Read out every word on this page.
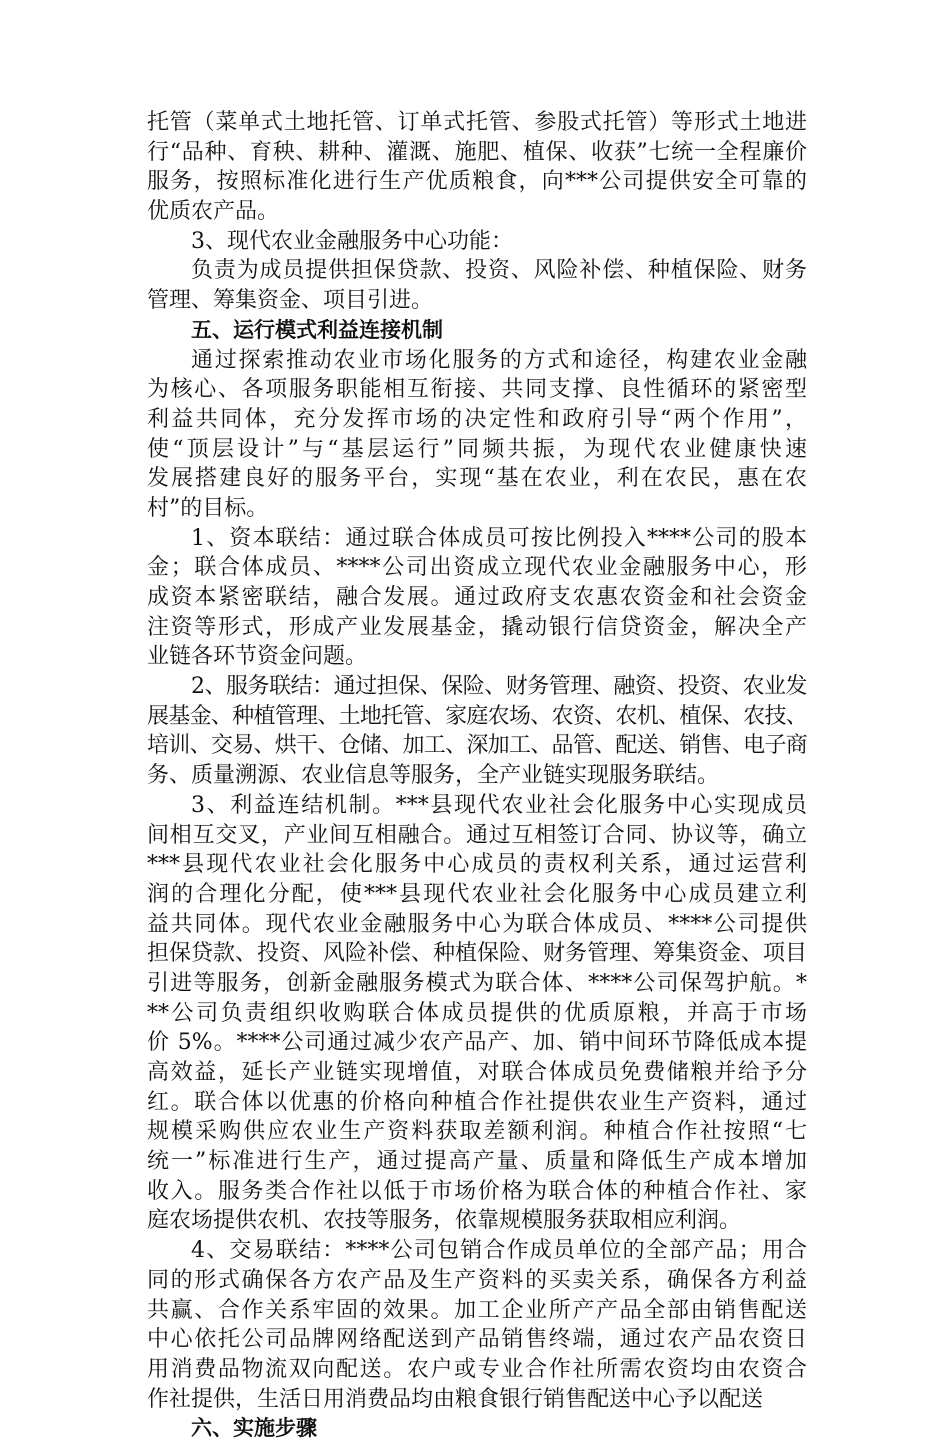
托管（菜单式土地托管、订单式托管、参股式托管）等形式土地进
行“品种、育秧、耕种、灌溉、施肥、植保、收获”七统一全程廉价
服务，按照标准化进行生产优质粮食，向***公司提供安全可靠的
优质农产品。
3、现代农业金融服务中心功能：
负责为成员提供担保贷款、投资、风险补偿、种植保险、财务
管理、筹集资金、项目引进。
五、运行模式利益连接机制
通过探索推动农业市场化服务的方式和途径，构建农业金融
为核心、各项服务职能相互衔接、共同支撑、良性循环的紧密型
利益共同体，充分发挥市场的决定性和政府引导“两个作用”，
使“顶层设计”与“基层运行”同频共振，为现代农业健康快速
发展搭建良好的服务平台，实现“基在农业，利在农民，惠在农
村”的目标。
1、资本联结：通过联合体成员可按比例投入****公司的股本
金；联合体成员、****公司出资成立现代农业金融服务中心，形
成资本紧密联结，融合发展。通过政府支农惠农资金和社会资金
注资等形式，形成产业发展基金，撬动银行信贷资金，解决全产
业链各环节资金问题。
2、服务联结：通过担保、保险、财务管理、融资、投资、农业发
展基金、种植管理、土地托管、家庭农场、农资、农机、植保、农技、
培训、交易、烘干、仓储、加工、深加工、品管、配送、销售、电子商
务、质量溯源、农业信息等服务，全产业链实现服务联结。
3、利益连结机制。***县现代农业社会化服务中心实现成员
间相互交叉，产业间互相融合。通过互相签订合同、协议等，确立
***县现代农业社会化服务中心成员的责权利关系，通过运营利
润的合理化分配，使***县现代农业社会化服务中心成员建立利
益共同体。现代农业金融服务中心为联合体成员、****公司提供
担保贷款、投资、风险补偿、种植保险、财务管理、筹集资金、项目
引进等服务，创新金融服务模式为联合体、****公司保驾护航。*
**公司负责组织收购联合体成员提供的优质原粮，并高于市场
价 5%。****公司通过减少农产品产、加、销中间环节降低成本提
高效益，延长产业链实现增值，对联合体成员免费储粮并给予分
红。联合体以优惠的价格向种植合作社提供农业生产资料，通过
规模采购供应农业生产资料获取差额利润。种植合作社按照“七
统一”标准进行生产，通过提高产量、质量和降低生产成本增加
收入。服务类合作社以低于市场价格为联合体的种植合作社、家
庭农场提供农机、农技等服务，依靠规模服务获取相应利润。
4、交易联结：****公司包销合作成员单位的全部产品；用合
同的形式确保各方农产品及生产资料的买卖关系，确保各方利益
共赢、合作关系牢固的效果。加工企业所产产品全部由销售配送
中心依托公司品牌网络配送到产品销售终端，通过农产品农资日
用消费品物流双向配送。农户或专业合作社所需农资均由农资合
作社提供，生活日用消费品均由粮食银行销售配送中心予以配送
六、实施步骤
